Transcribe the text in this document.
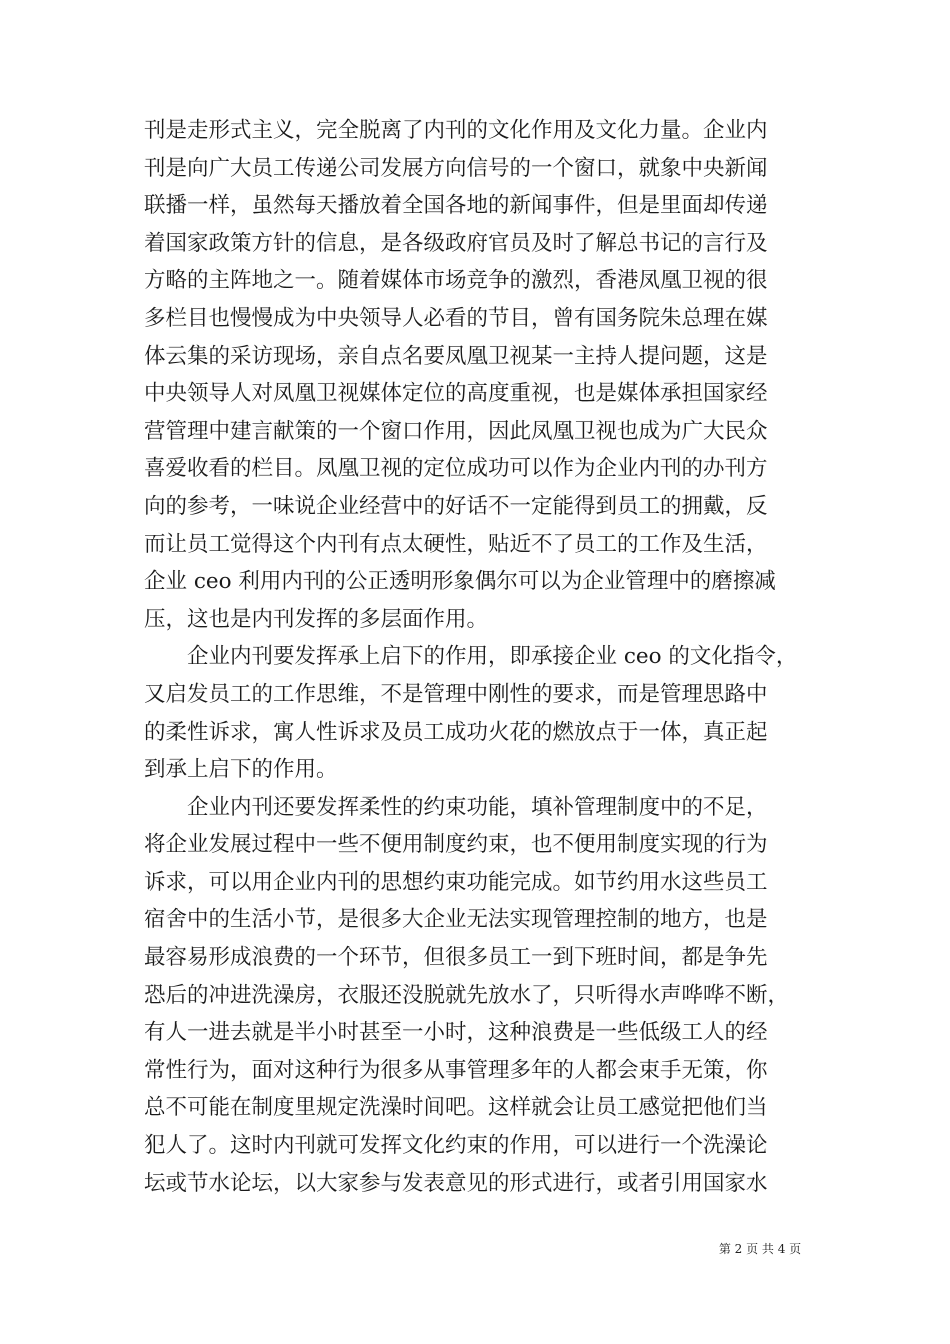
刊是走形式主义，完全脱离了内刊的文化作用及文化力量。企业内
刊是向广大员工传递公司发展方向信号的一个窗口，就象中央新闻
联播一样，虽然每天播放着全国各地的新闻事件，但是里面却传递
着国家政策方针的信息，是各级政府官员及时了解总书记的言行及
方略的主阵地之一。随着媒体市场竞争的激烈，香港凤凰卫视的很
多栏目也慢慢成为中央领导人必看的节目，曾有国务院朱总理在媒
体云集的采访现场，亲自点名要凤凰卫视某一主持人提问题，这是
中央领导人对凤凰卫视媒体定位的高度重视，也是媒体承担国家经
营管理中建言献策的一个窗口作用，因此凤凰卫视也成为广大民众
喜爱收看的栏目。凤凰卫视的定位成功可以作为企业内刊的办刊方
向的参考，一味说企业经营中的好话不一定能得到员工的拥戴，反
而让员工觉得这个内刊有点太硬性，贴近不了员工的工作及生活，
企业 ceo 利用内刊的公正透明形象偶尔可以为企业管理中的磨擦减
压，这也是内刊发挥的多层面作用。
　　企业内刊要发挥承上启下的作用，即承接企业 ceo 的文化指令，
又启发员工的工作思维，不是管理中刚性的要求，而是管理思路中
的柔性诉求，寓人性诉求及员工成功火花的燃放点于一体，真正起
到承上启下的作用。
　　企业内刊还要发挥柔性的约束功能，填补管理制度中的不足，
将企业发展过程中一些不便用制度约束，也不便用制度实现的行为
诉求，可以用企业内刊的思想约束功能完成。如节约用水这些员工
宿舍中的生活小节，是很多大企业无法实现管理控制的地方，也是
最容易形成浪费的一个环节，但很多员工一到下班时间，都是争先
恐后的冲进洗澡房，衣服还没脱就先放水了，只听得水声哗哗不断，
有人一进去就是半小时甚至一小时，这种浪费是一些低级工人的经
常性行为，面对这种行为很多从事管理多年的人都会束手无策，你
总不可能在制度里规定洗澡时间吧。这样就会让员工感觉把他们当
犯人了。这时内刊就可发挥文化约束的作用，可以进行一个洗澡论
坛或节水论坛，以大家参与发表意见的形式进行，或者引用国家水
第 2 页 共 4 页
